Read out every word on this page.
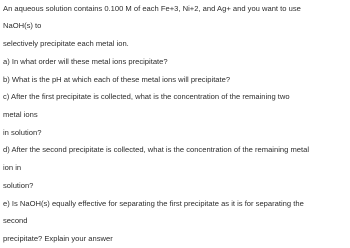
An aqueous solution contains 0.100 M of each Fe+3, Ni+2, and Ag+ and you want to use
NaOH(s) to
selectively precipitate each metal ion.
a) In what order will these metal ions precipitate?
b) What is the pH at which each of these metal ions will precipitate?
c) After the first precipitate is collected, what is the concentration of the remaining two
metal ions
in solution?
d) After the second precipitate is collected, what is the concentration of the remaining metal
ion in
solution?
e) Is NaOH(s) equally effective for separating the first precipitate as it is for separating the
second
precipitate? Explain your answer
